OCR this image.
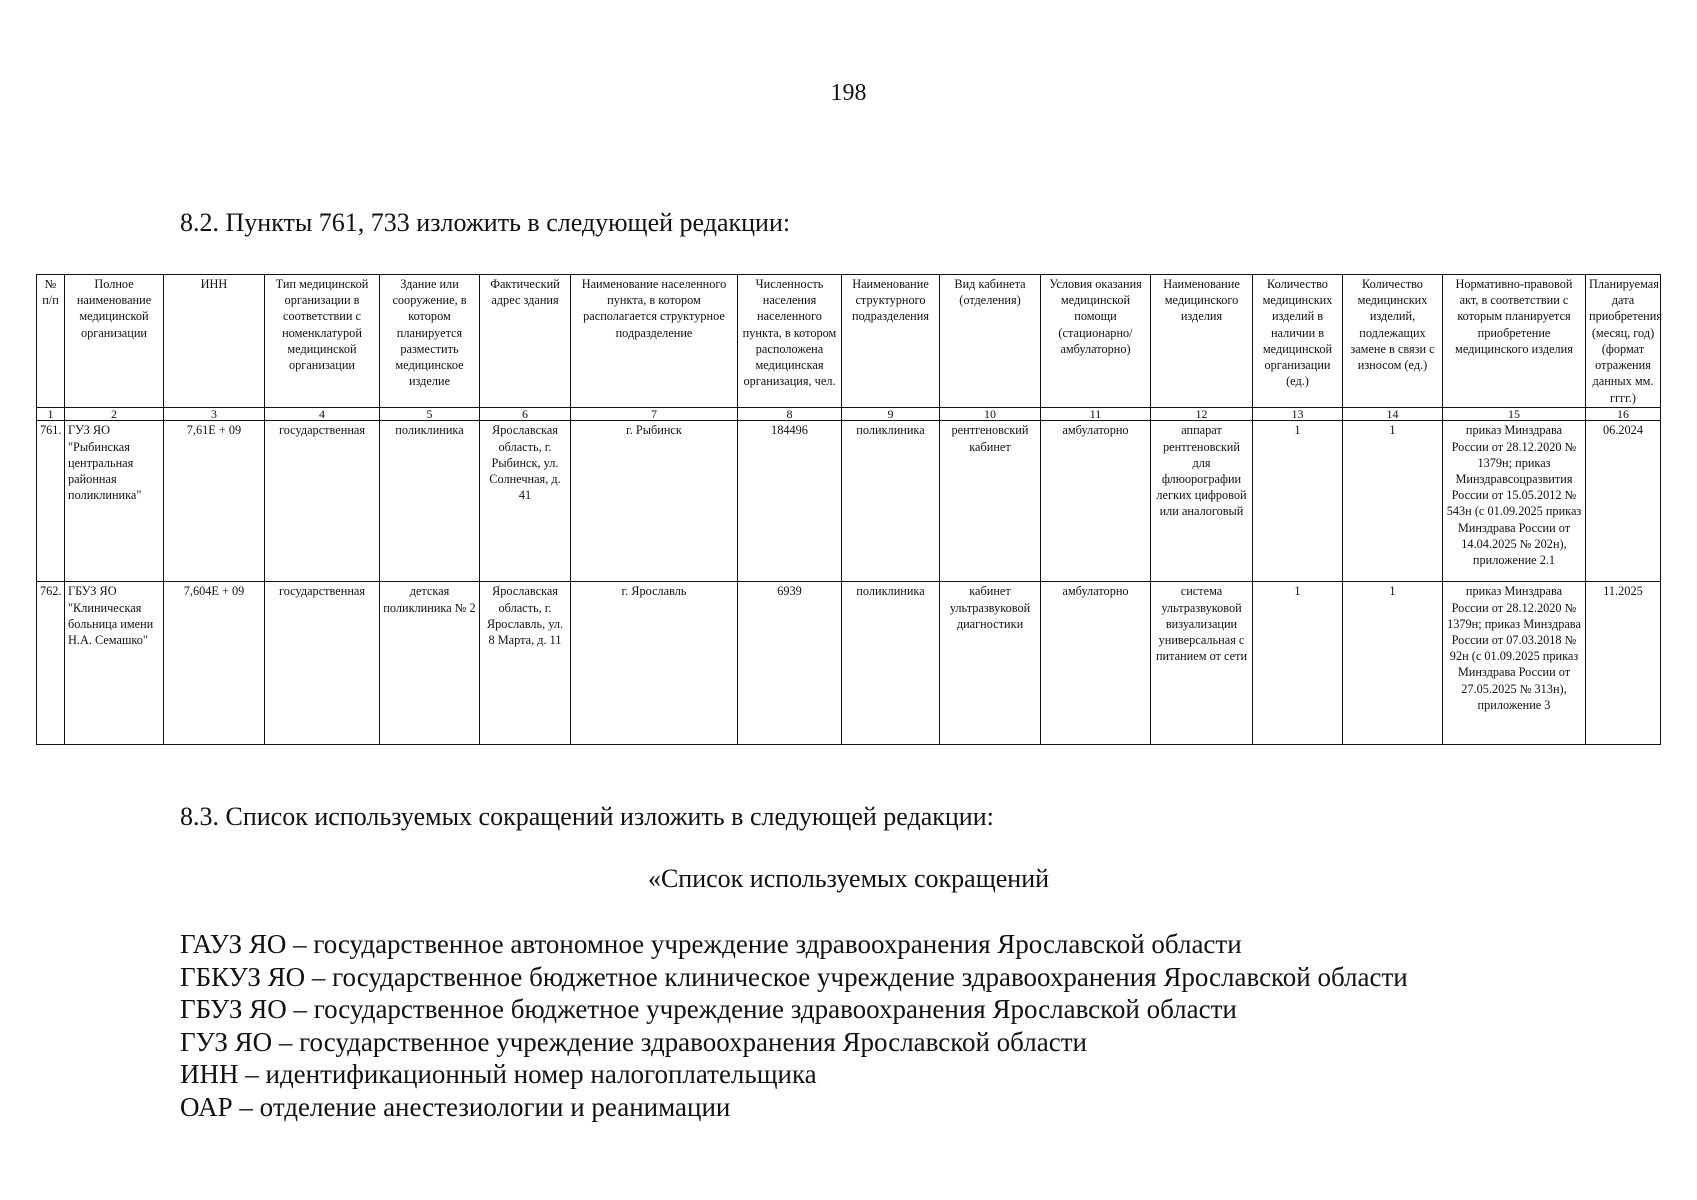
198
8.2. Пункты 761, 733 изложить в следующей редакции:
№ п/п	Полное наименование медицинской организации	ИНН	Тип медицинской организации в соответствии с номенклатурой медицинской организации	Здание или сооружение, в котором планируется разместить медицинское изделие	Фактический адрес здания	Наименование населенного пункта, в котором располагается структурное подразделение	Численность населения населенного пункта, в котором расположена медицинская организация, чел.	Наименование структурного подразделения	Вид кабинета (отделения)	Условия оказания медицинской помощи (стационарно/ амбулаторно)	Наименование медицинского изделия	Количество медицинских изделий в наличии в медицинской организации (ед.)	Количество медицинских изделий, подлежащих замене в связи с износом (ед.)	Нормативно-правовой акт, в соответствии с которым планируется приобретение медицинского изделия	Планируемая дата приобретения (месяц, год) (формат отражения данных мм. гггг.)
1	2	3	4	5	6	7	8	9	10	11	12	13	14	15	16
761.	ГУЗ ЯО "Рыбинская центральная районная поликлиника"	7,61E + 09	государственная	поликлиника	Ярославская область, г. Рыбинск, ул. Солнечная, д. 41	г. Рыбинск	184496	поликлиника	рентгеновский кабинет	амбулаторно	аппарат рентгеновский для флюорографии легких цифровой или аналоговый	1	1	приказ Минздрава России от 28.12.2020 № 1379н; приказ Минздравсоцразвития России от 15.05.2012 № 543н (с 01.09.2025 приказ Минздрава России от 14.04.2025 № 202н), приложение 2.1	06.2024
762.	ГБУЗ ЯО "Клиническая больница имени Н.А. Семашко"	7,604E + 09	государственная	детская поликлиника № 2	Ярославская область, г. Ярославль, ул. 8 Марта, д. 11	г. Ярославль	6939	поликлиника	кабинет ультразвуковой диагностики	амбулаторно	система ультразвуковой визуализации универсальная с питанием от сети	1	1	приказ Минздрава России от 28.12.2020 № 1379н; приказ Минздрава России от 07.03.2018 № 92н (с 01.09.2025 приказ Минздрава России от 27.05.2025 № 313н), приложение 3	11.2025
8.3. Список используемых сокращений изложить в следующей редакции:
«Список используемых сокращений
ГАУЗ ЯО – государственное автономное учреждение здравоохранения Ярославской области
ГБКУЗ ЯО – государственное бюджетное клиническое учреждение здравоохранения Ярославской области
ГБУЗ ЯО – государственное бюджетное учреждение здравоохранения Ярославской области
ГУЗ ЯО – государственное учреждение здравоохранения Ярославской области
ИНН – идентификационный номер налогоплательщика
ОАР – отделение анестезиологии и реанимации
